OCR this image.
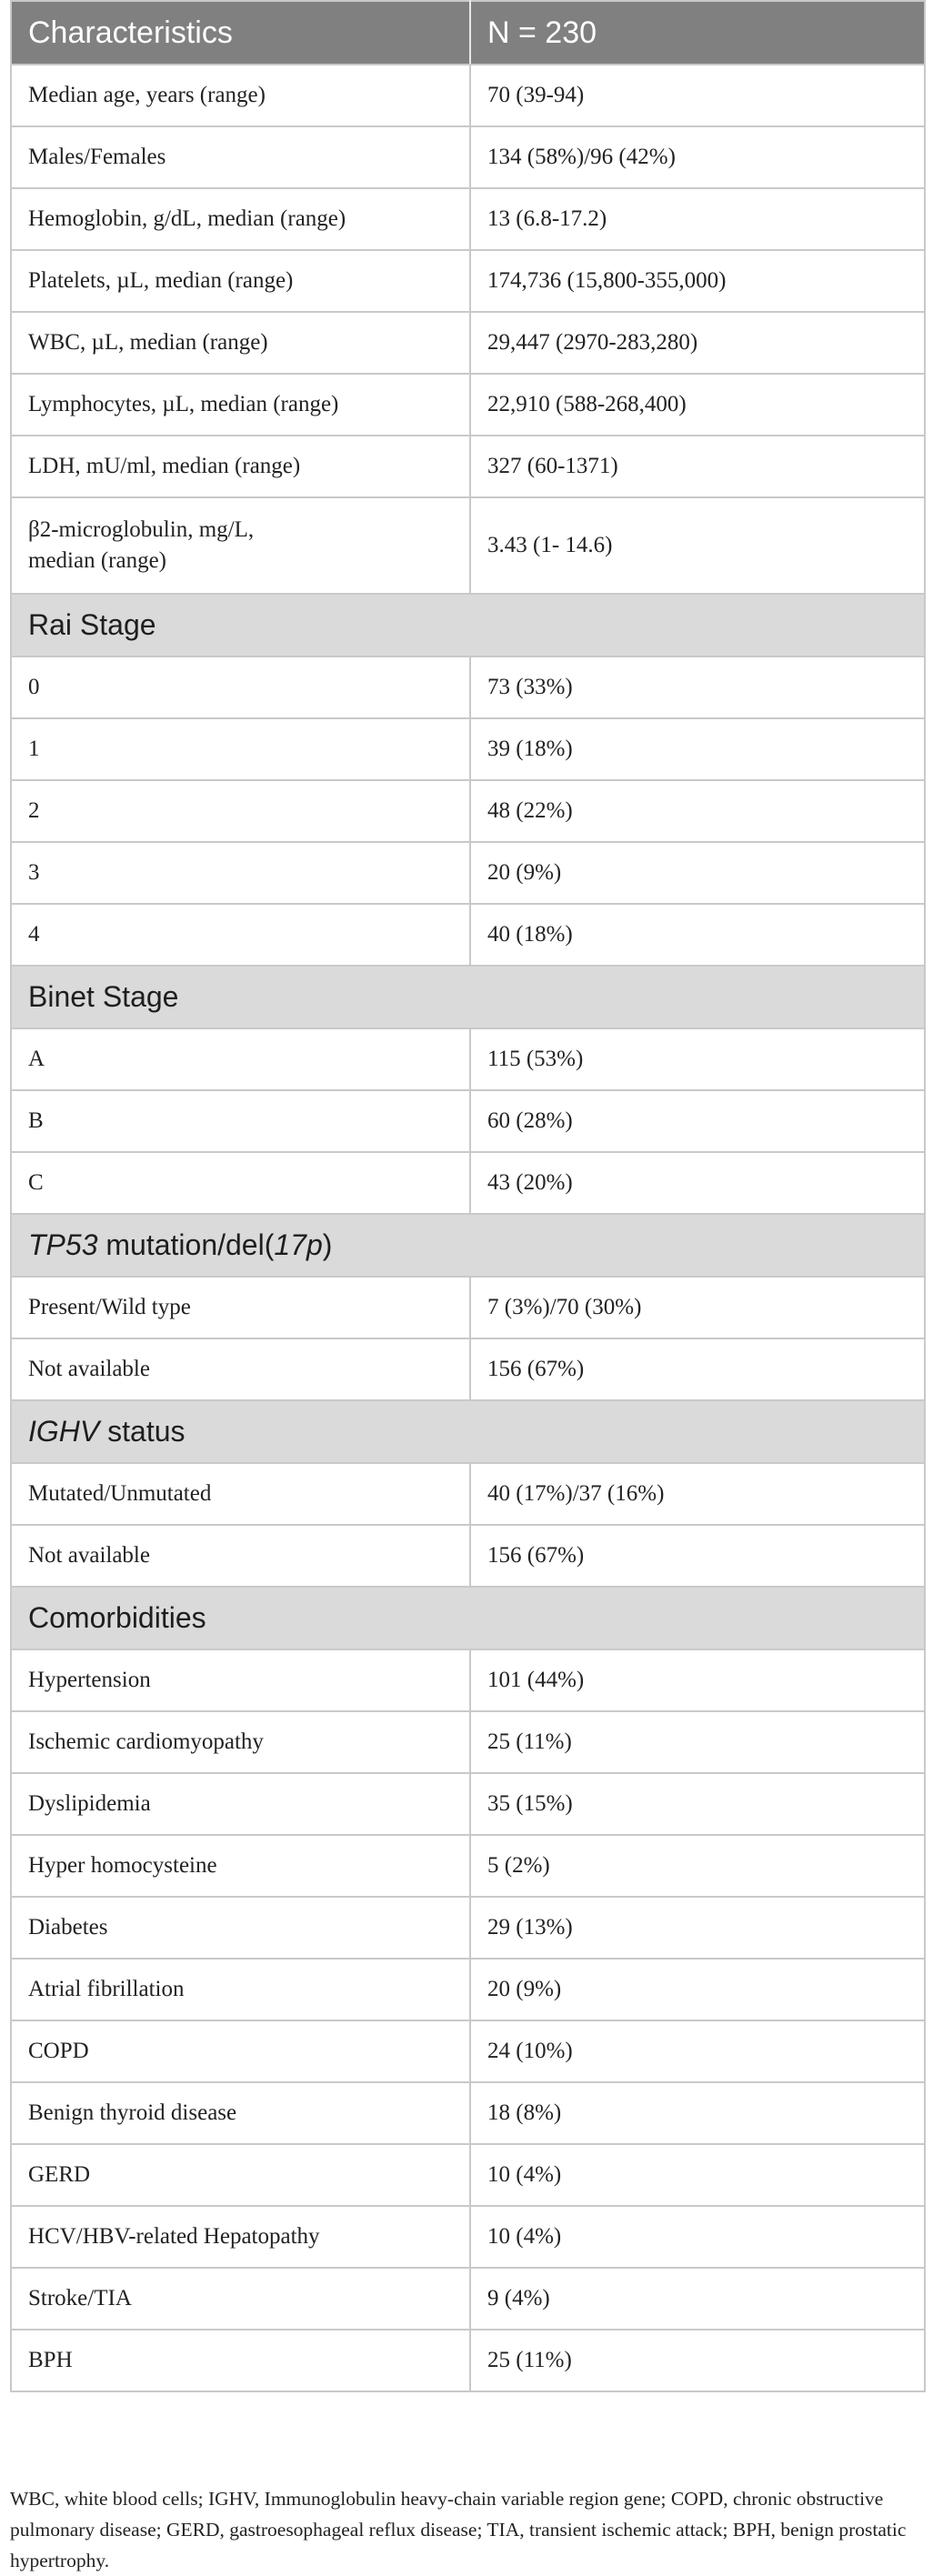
Characteristics	N = 230
Median age, years (range)	70 (39-94)
Males/Females	134 (58%)/96 (42%)
Hemoglobin, g/dL, median (range)	13 (6.8-17.2)
Platelets, µL, median (range)	174,736 (15,800-355,000)
WBC, µL, median (range)	29,447 (2970-283,280)
Lymphocytes, µL, median (range)	22,910 (588-268,400)
LDH, mU/ml, median (range)	327 (60-1371)
β2-microglobulin, mg/L,
median (range)	3.43 (1- 14.6)
Rai Stage	
0	73 (33%)
1	39 (18%)
2	48 (22%)
3	20 (9%)
4	40 (18%)
Binet Stage	
A	115 (53%)
B	60 (28%)
C	43 (20%)
TP53 mutation/del(17p)	
Present/Wild type	7 (3%)/70 (30%)
Not available	156 (67%)
IGHV status	
Mutated/Unmutated	40 (17%)/37 (16%)
Not available	156 (67%)
Comorbidities	
Hypertension	101 (44%)
Ischemic cardiomyopathy	25 (11%)
Dyslipidemia	35 (15%)
Hyper homocysteine	5 (2%)
Diabetes	29 (13%)
Atrial fibrillation	20 (9%)
COPD	24 (10%)
Benign thyroid disease	18 (8%)
GERD	10 (4%)
HCV/HBV-related Hepatopathy	10 (4%)
Stroke/TIA	9 (4%)
BPH	25 (11%)
WBC, white blood cells; IGHV, Immunoglobulin heavy-chain variable region gene; COPD, chronic obstructive pulmonary disease; GERD, gastroesophageal reflux disease; TIA, transient ischemic attack; BPH, benign prostatic hypertrophy.
